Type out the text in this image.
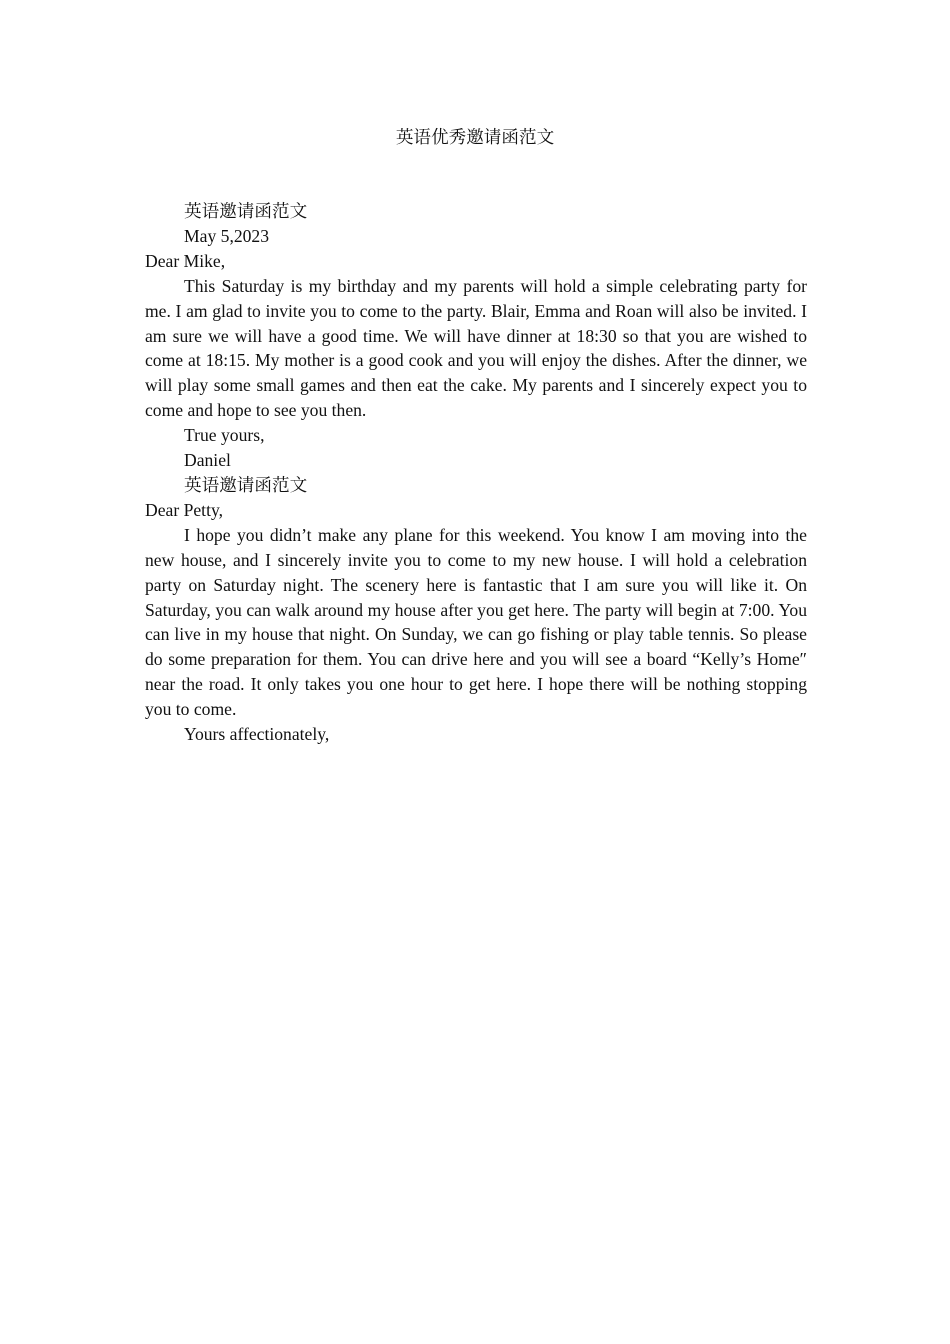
英语优秀邀请函范文

英语邀请函范文

May 5,2023

Dear Mike,

This Saturday is my birthday and my parents will hold a simple celebrating party for me. I am glad to invite you to come to the party. Blair, Emma and Roan will also be invited. I am sure we will have a good time. We will have dinner at 18:30 so that you are wished to come at 18:15. My mother is a good cook and you will enjoy the dishes. After the dinner, we will play some small games and then eat the cake. My parents and I sincerely expect you to come and hope to see you then.

True yours,

Daniel

英语邀请函范文

Dear Petty,

I hope you didn’t make any plane for this weekend. You know I am moving into the new house, and I sincerely invite you to come to my new house. I will hold a celebration party on Saturday night. The scenery here is fantastic that I am sure you will like it. On Saturday, you can walk around my house after you get here. The party will begin at 7:00. You can live in my house that night. On Sunday, we can go fishing or play table tennis. So please do some preparation for them. You can drive here and you will see a board “Kelly’s Home″ near the road. It only takes you one hour to get here. I hope there will be nothing stopping you to come.

Yours affectionately,
